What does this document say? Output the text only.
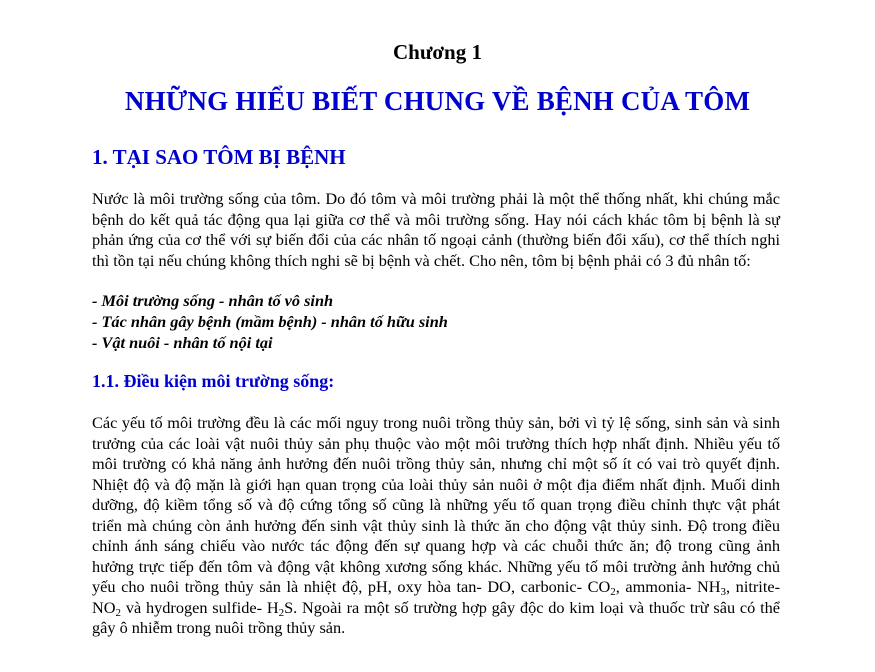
Chương 1
NHỮNG HIỂU BIẾT CHUNG VỀ BỆNH CỦA TÔM
1. TẠI SAO TÔM BỊ BỆNH
Nước là môi trường sống của tôm. Do đó tôm và môi trường phải là một thể thống nhất, khi chúng mắc bệnh do kết quả tác động qua lại giữa cơ thể và môi trường sống. Hay nói cách khác tôm bị bệnh là sự phản ứng của cơ thể với sự biến đổi của các nhân tố ngoại cảnh (thường biến đổi xấu), cơ thể thích nghi thì tồn tại nếu chúng không thích nghi sẽ bị bệnh và chết. Cho nên, tôm bị bệnh phải có 3 đủ nhân tố:
- Môi trường sống - nhân tố vô sinh
- Tác nhân gây bệnh (mầm bệnh) - nhân tố hữu sinh
- Vật nuôi - nhân tố nội tại
1.1. Điều kiện môi trường sống:
Các yếu tố môi trường đều là các mối nguy trong nuôi trồng thủy sản, bởi vì tỷ lệ sống, sinh sản và sinh trưởng của các loài vật nuôi thủy sản phụ thuộc vào một môi trường thích hợp nhất định. Nhiều yếu tố môi trường có khả năng ảnh hưởng đến nuôi trồng thủy sản, nhưng chỉ một số ít có vai trò quyết định. Nhiệt độ và độ mặn là giới hạn quan trọng của loài thủy sản nuôi ở một địa điểm nhất định. Muối dinh dưỡng, độ kiềm tổng số và độ cứng tổng số cũng là những yếu tố quan trọng điều chỉnh thực vật phát triển mà chúng còn ảnh hưởng đến sinh vật thủy sinh là thức ăn cho động vật thủy sinh. Độ trong điều chỉnh ánh sáng chiếu vào nước tác động đến sự quang hợp và các chuỗi thức ăn; độ trong cũng ảnh hưởng trực tiếp đến tôm và động vật không xương sống khác. Những yếu tố môi trường ảnh hưởng chủ yếu cho nuôi trồng thủy sản là nhiệt độ, pH, oxy hòa tan- DO, carbonic- $CO_2$, ammonia- $NH_3$, nitrite- $NO_2$ và hydrogen sulfide- $H_2S$. Ngoài ra một số trường hợp gây độc do kim loại và thuốc trừ sâu có thể gây ô nhiễm trong nuôi trồng thủy sản.
